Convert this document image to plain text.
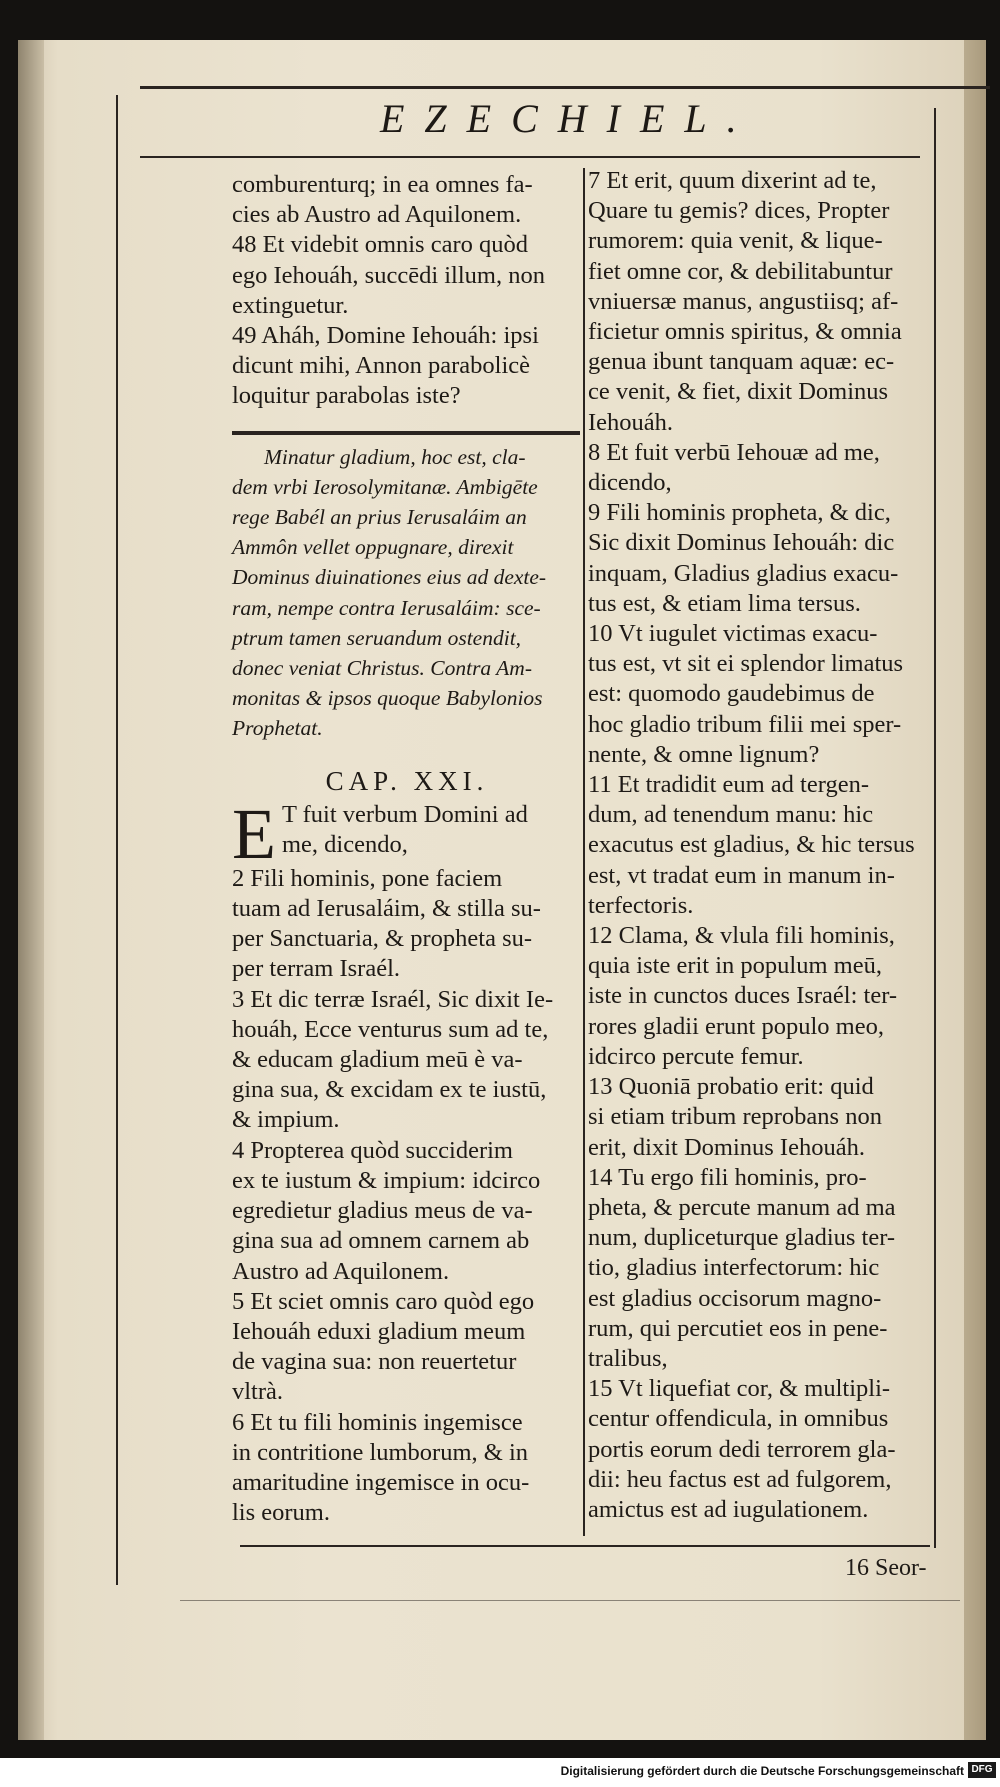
EZECHIEL.

comburenturq; in ea omnes fa-

cies ab Austro ad Aquilonem.

48 Et videbit omnis caro quòd

ego Iehouáh, succēdi illum, non

extinguetur.

49 Aháh, Domine Iehouáh: ipsi

dicunt mihi, Annon parabolicè

loquitur parabolas iste?

Minatur gladium, hoc est, cla-

dem vrbi Ierosolymitanæ. Ambigēte

rege Babél an prius Ierusaláim an

Ammôn vellet oppugnare, direxit

Dominus diuinationes eius ad dexte-

ram, nempe contra Ierusaláim: sce-

ptrum tamen seruandum ostendit,

donec veniat Christus. Contra Am-

monitas & ipsos quoque Babylonios

Prophetat.

CAP. XXI.
E T fuit verbum Domini ad

me, dicendo,

2 Fili hominis, pone faciem

tuam ad Ierusaláim, & stilla su-

per Sanctuaria, & propheta su-

per terram Israél.

3 Et dic terræ Israél, Sic dixit Ie-

houáh, Ecce venturus sum ad te,

& educam gladium meū è va-

gina sua, & excidam ex te iustū,

& impium.

4 Propterea quòd succiderim

ex te iustum & impium: idcirco

egredietur gladius meus de va-

gina sua ad omnem carnem ab

Austro ad Aquilonem.

5 Et sciet omnis caro quòd ego

Iehouáh eduxi gladium meum

de vagina sua: non reuertetur

vltrà.

6 Et tu fili hominis ingemisce

in contritione lumborum, & in

amaritudine ingemisce in ocu-

lis eorum.

7 Et erit, quum dixerint ad te,

Quare tu gemis? dices, Propter

rumorem: quia venit, & lique-

fiet omne cor, & debilitabuntur

vniuersæ manus, angustiisq; af-

ficietur omnis spiritus, & omnia

genua ibunt tanquam aquæ: ec-

ce venit, & fiet, dixit Dominus

Iehouáh.

8 Et fuit verbū Iehouæ ad me,

dicendo,

9 Fili hominis propheta, & dic,

Sic dixit Dominus Iehouáh: dic

inquam, Gladius gladius exacu-

tus est, & etiam lima tersus.

10 Vt iugulet victimas exacu-

tus est, vt sit ei splendor limatus

est: quomodo gaudebimus de

hoc gladio tribum filii mei sper-

nente, & omne lignum?

11 Et tradidit eum ad tergen-

dum, ad tenendum manu: hic

exacutus est gladius, & hic tersus

est, vt tradat eum in manum in-

terfectoris.

12 Clama, & vlula fili hominis,

quia iste erit in populum meū,

iste in cunctos duces Israél: ter-

rores gladii erunt populo meo,

idcirco percute femur.

13 Quoniā probatio erit: quid

si etiam tribum reprobans non

erit, dixit Dominus Iehouáh.

14 Tu ergo fili hominis, pro-

pheta, & percute manum ad ma

num, dupliceturque gladius ter-

tio, gladius interfectorum: hic

est gladius occisorum magno-

rum, qui percutiet eos in pene-

tralibus,

15 Vt liquefiat cor, & multipli-

centur offendicula, in omnibus

portis eorum dedi terrorem gla-

dii: heu factus est ad fulgorem,

amictus est ad iugulationem.

16 Seor-
Digitalisierung gefördert durch die Deutsche Forschungsgemeinschaft DFG
